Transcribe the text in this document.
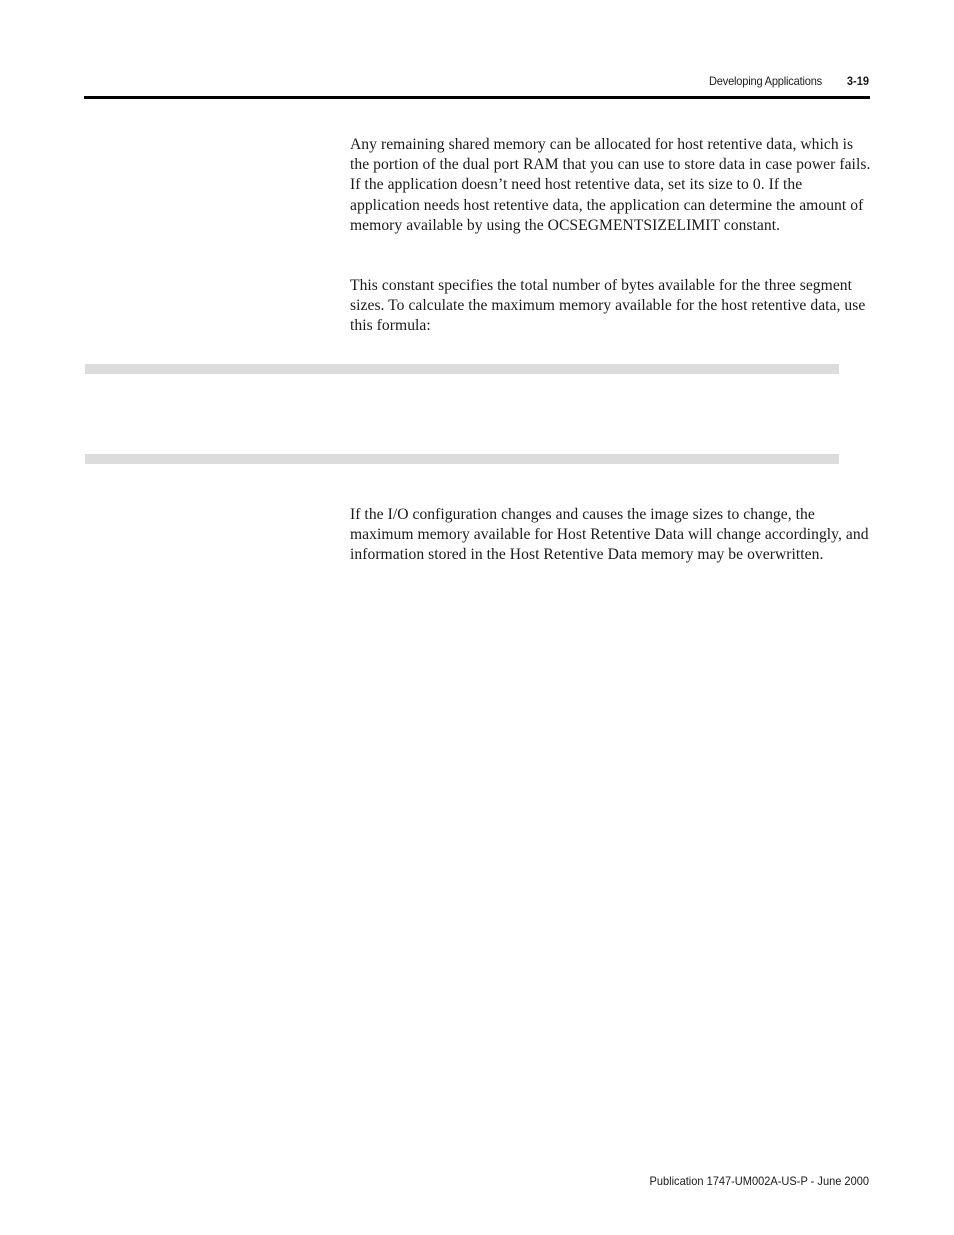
Developing Applications	3-19

Any remaining shared memory can be allocated for host retentive data, which is the portion of the dual port RAM that you can use to store data in case power fails. If the application doesn’t need host retentive data, set its size to 0. If the application needs host retentive data, the application can determine the amount of memory available by using the OCSEGMENTSIZELIMIT constant.

This constant specifies the total number of bytes available for the three segment sizes. To calculate the maximum memory available for the host retentive data, use this formula:

If the I/O configuration changes and causes the image sizes to change, the maximum memory available for Host Retentive Data will change accordingly, and information stored in the Host Retentive Data memory may be overwritten.

Publication 1747-UM002A-US-P - June 2000
